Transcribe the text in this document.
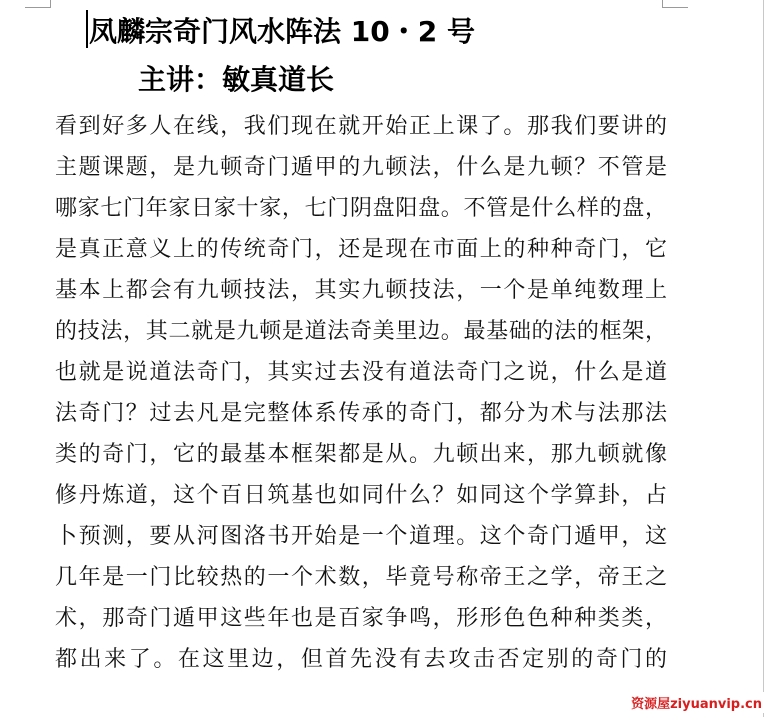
凤麟宗奇门风水阵法 10・2 号
主讲：敏真道长
看到好多人在线，我们现在就开始正上课了。那我们要讲的
主题课题，是九顿奇门遁甲的九顿法，什么是九顿？不管是
哪家七门年家日家十家，七门阴盘阳盘。不管是什么样的盘，
是真正意义上的传统奇门，还是现在市面上的种种奇门，它
基本上都会有九顿技法，其实九顿技法，一个是单纯数理上
的技法，其二就是九顿是道法奇美里边。最基础的法的框架，
也就是说道法奇门，其实过去没有道法奇门之说，什么是道
法奇门？过去凡是完整体系传承的奇门，都分为术与法那法
类的奇门，它的最基本框架都是从。九顿出来，那九顿就像
修丹炼道，这个百日筑基也如同什么？如同这个学算卦，占
卜预测，要从河图洛书开始是一个道理。这个奇门遁甲，这
几年是一门比较热的一个术数，毕竟号称帝王之学，帝王之
术，那奇门遁甲这些年也是百家争鸣，形形色色种种类类，
都出来了。在这里边，但首先没有去攻击否定别的奇门的
资源屋ziyuanvip.cn
